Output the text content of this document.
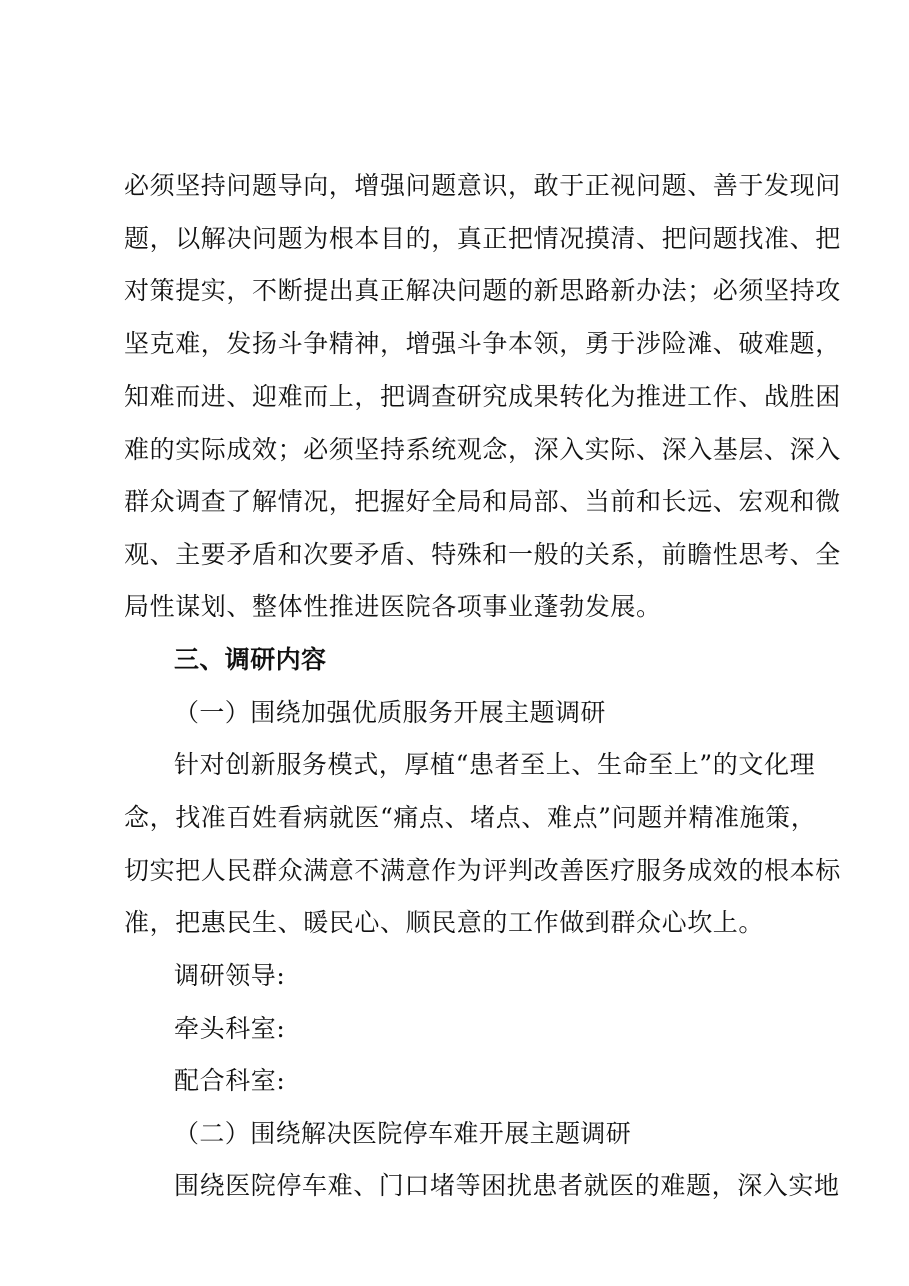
必须坚持问题导向，增强问题意识，敢于正视问题、善于发现问
题，以解决问题为根本目的，真正把情况摸清、把问题找准、把
对策提实，不断提出真正解决问题的新思路新办法；必须坚持攻
坚克难，发扬斗争精神，增强斗争本领，勇于涉险滩、破难题，
知难而进、迎难而上，把调查研究成果转化为推进工作、战胜困
难的实际成效；必须坚持系统观念，深入实际、深入基层、深入
群众调查了解情况，把握好全局和局部、当前和长远、宏观和微
观、主要矛盾和次要矛盾、特殊和一般的关系，前瞻性思考、全
局性谋划、整体性推进医院各项事业蓬勃发展。
三、调研内容
（一）围绕加强优质服务开展主题调研
针对创新服务模式，厚植“患者至上、生命至上”的文化理
念，找准百姓看病就医“痛点、堵点、难点”问题并精准施策，
切实把人民群众满意不满意作为评判改善医疗服务成效的根本标
准，把惠民生、暖民心、顺民意的工作做到群众心坎上。
调研领导:
牵头科室:
配合科室:
（二）围绕解决医院停车难开展主题调研
围绕医院停车难、门口堵等困扰患者就医的难题，深入实地
